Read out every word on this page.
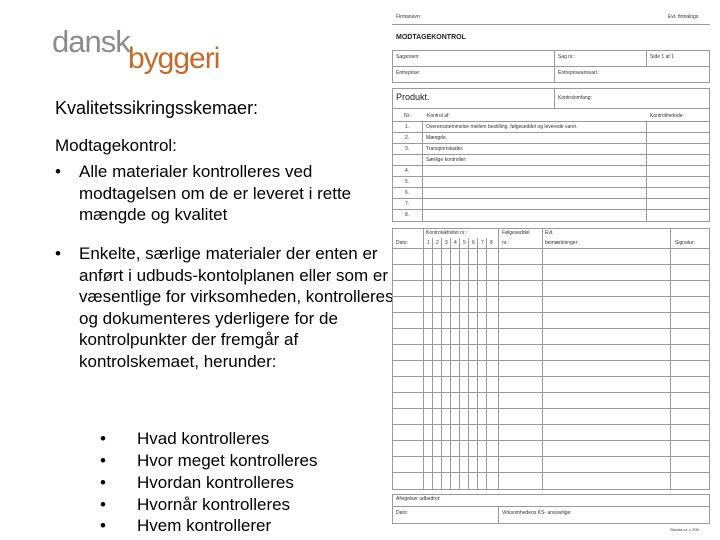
dansk
byggeri
Kvalitetssikringsskemaer:
Modtagekontrol:
• Alle materialer kontrolleres ved modtagelsen om de er leveret i rette mængde og kvalitet
• Enkelte, særlige materialer der enten er anført i udbuds-kontolplanen eller som er væsentlige for virksomheden, kontrolleres og dokumenteres yderligere for de kontrolpunkter der fremgår af kontrolskemaet, herunder:
• Hvad kontrolleres
• Hvor meget kontrolleres
• Hvordan kontrolleres
• Hvornår kontrolleres
• Hvem kontrollerer
Firmanavn:	Evt. firmalogo
MODTAGEKONTROL
Sagsnavn:	Sag nr.:	Side 1 af 1
Entreprise:	Entrepriseansvarl.:
Produkt.	Kontrolomfang:
Nr.:	Kontrol af:	Kontrolmetode:
1.	Overensstemmelse mellem bestilling, følgeseddel og leverede varer.
2.	Mængde.
3.	Transportskader.
Særlige kontroller:
4.
5.
6.
7.
8.
Kontrolaktivitet nr.:	Følgeseddel	Evt.
Dato:	1 2 3 4 5 6 7 8 nr.:	bemærkninger:	Signatur:
Afvigelser udbedret:
Dato:	Virksomhedens KS- ansvarlige:
Skema nr. x 200
